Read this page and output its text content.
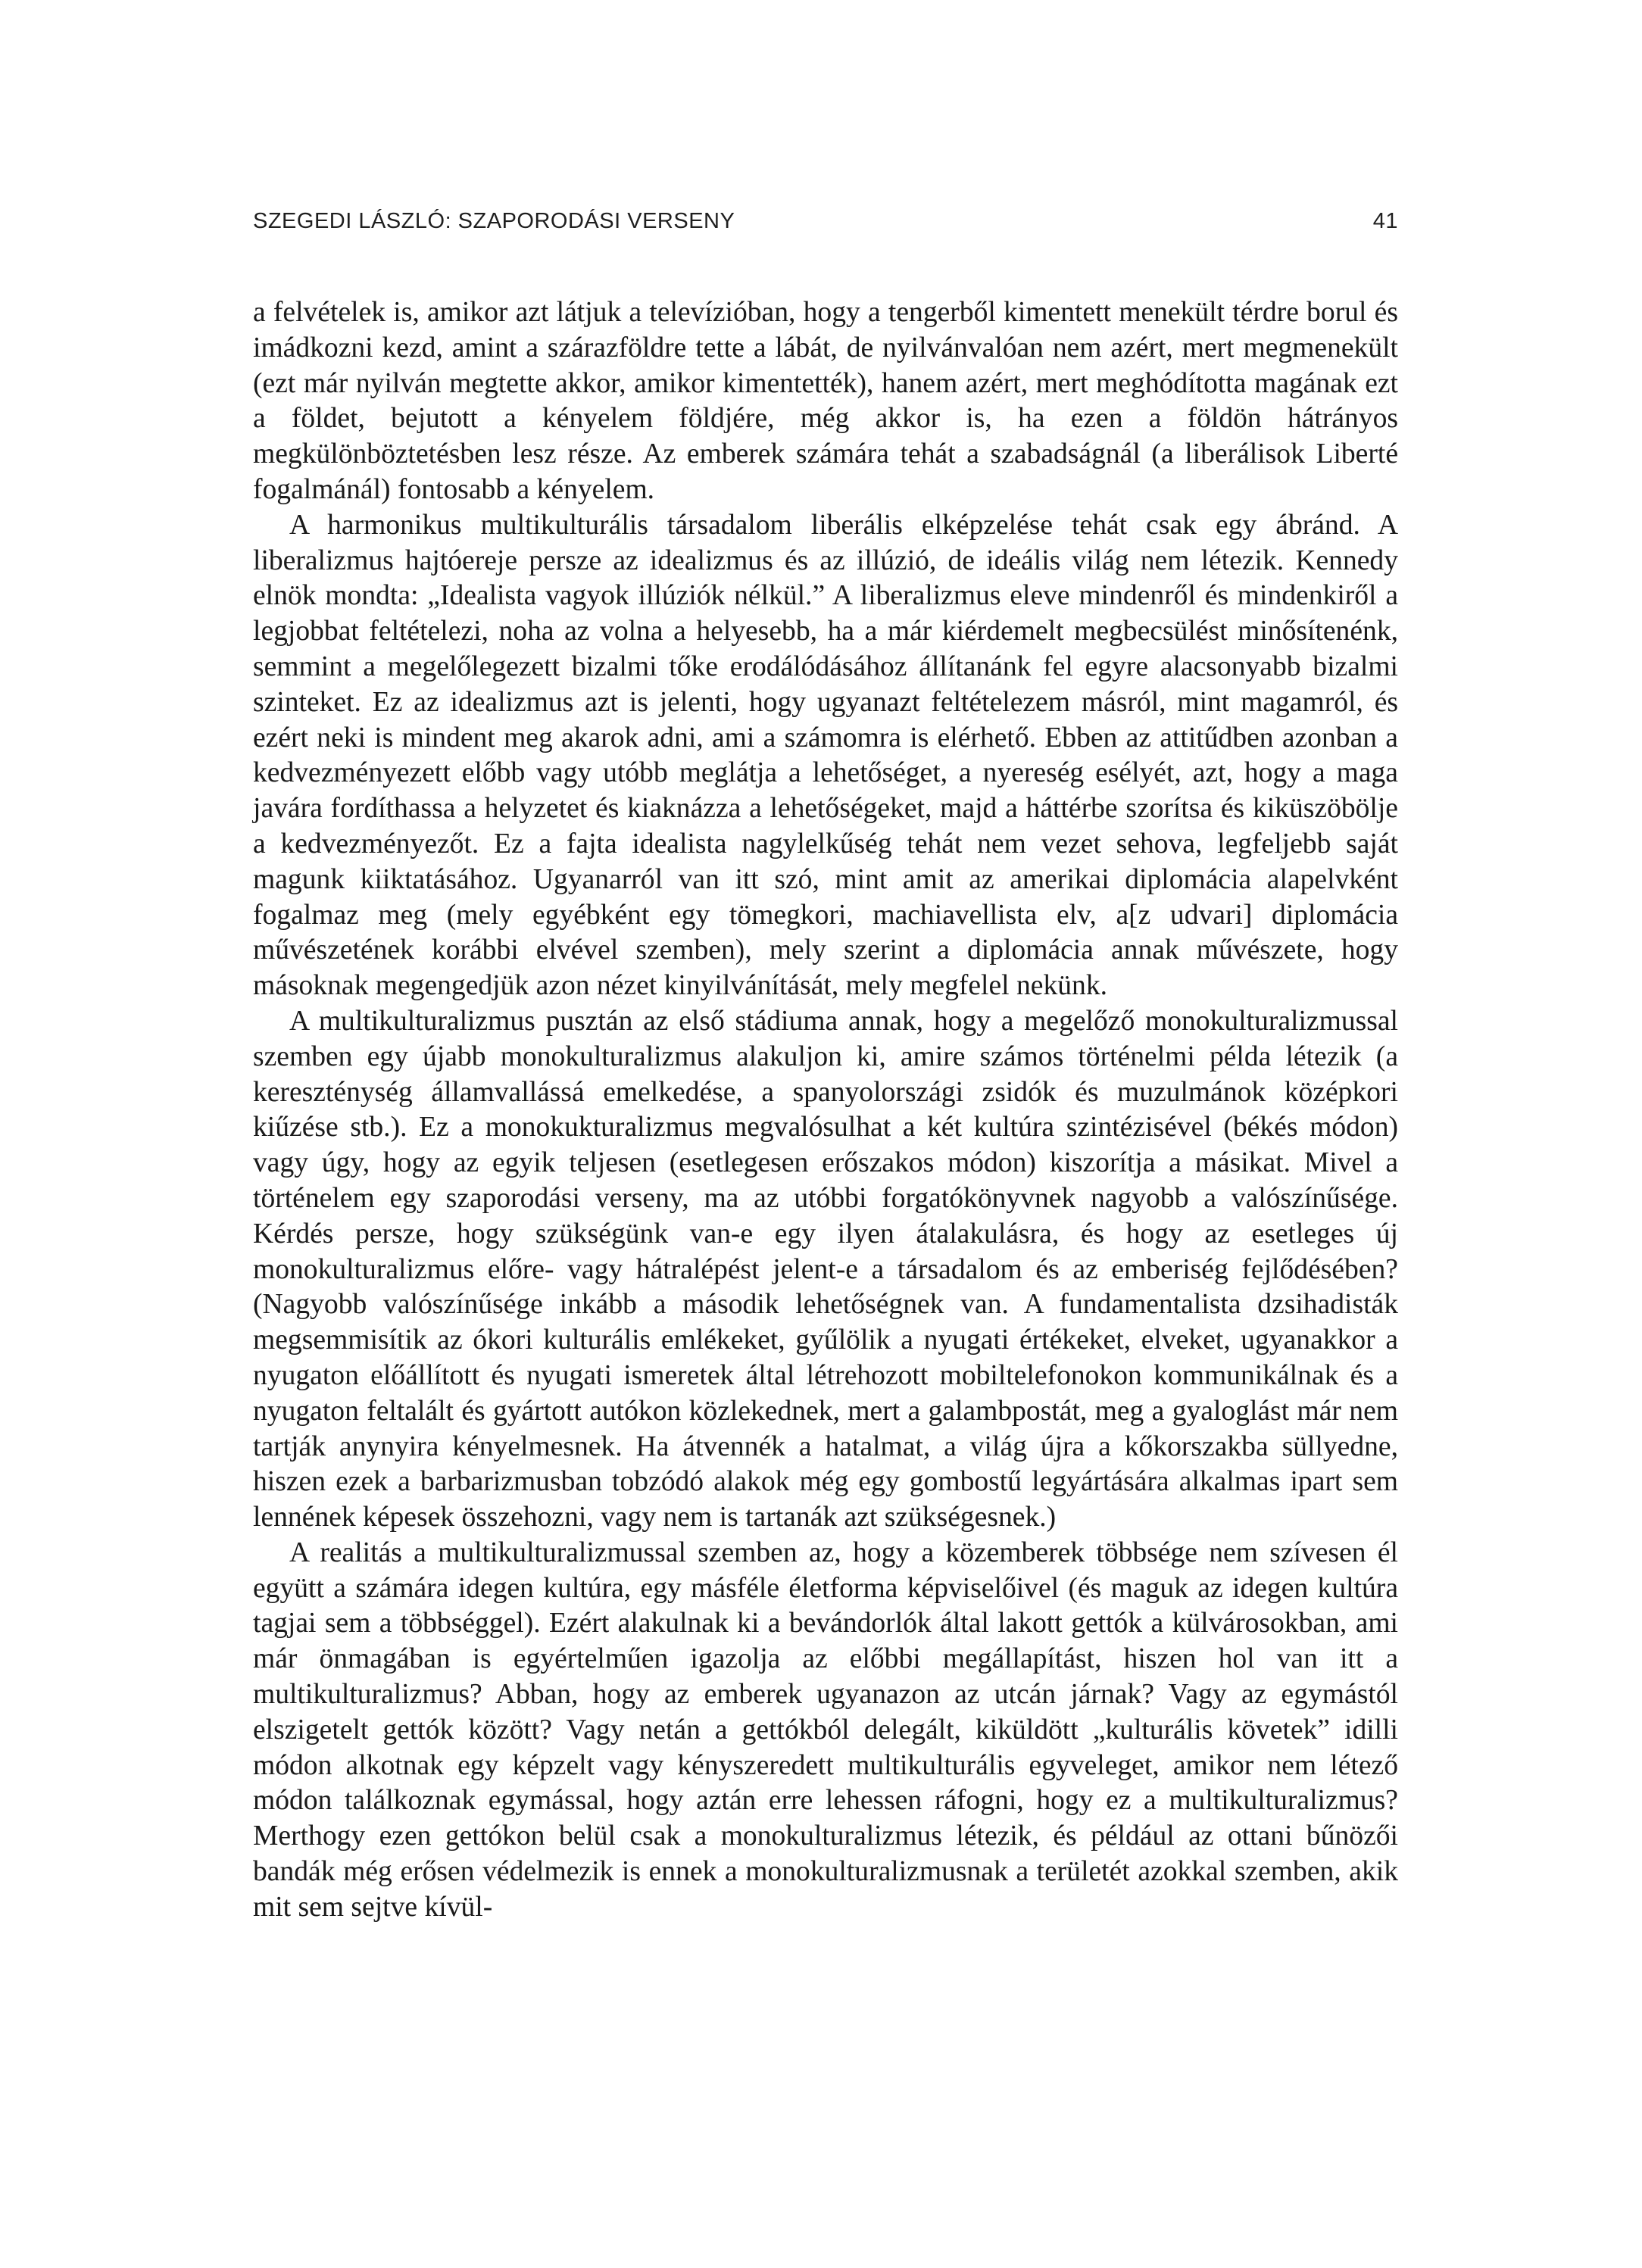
SZEGEDI LÁSZLÓ: SZAPORODÁSI VERSENY	41

a felvételek is, amikor azt látjuk a televízióban, hogy a tengerből kimentett menekült térdre borul és imádkozni kezd, amint a szárazföldre tette a lábát, de nyilvánvalóan nem azért, mert megmenekült (ezt már nyilván megtette akkor, amikor kimentették), hanem azért, mert meghódította magának ezt a földet, bejutott a kényelem földjére, még akkor is, ha ezen a földön hátrányos megkülönböztetésben lesz része. Az emberek számára tehát a szabadságnál (a liberálisok Liberté fogalmánál) fontosabb a kényelem.

A harmonikus multikulturális társadalom liberális elképzelése tehát csak egy ábránd. A liberalizmus hajtóereje persze az idealizmus és az illúzió, de ideális világ nem létezik. Kennedy elnök mondta: „Idealista vagyok illúziók nélkül.” A liberalizmus eleve mindenről és mindenkiről a legjobbat feltételezi, noha az volna a helyesebb, ha a már kiérdemelt megbecsülést minősítenénk, semmint a megelőlegezett bizalmi tőke erodálódásához állítanánk fel egyre alacsonyabb bizalmi szinteket. Ez az idealizmus azt is jelenti, hogy ugyanazt feltételezem másról, mint magamról, és ezért neki is mindent meg akarok adni, ami a számomra is elérhető. Ebben az attitűdben azonban a kedvezményezett előbb vagy utóbb meglátja a lehetőséget, a nyereség esélyét, azt, hogy a maga javára fordíthassa a helyzetet és kiaknázza a lehetőségeket, majd a háttérbe szorítsa és kiküszöbölje a kedvezményezőt. Ez a fajta idealista nagylelkűség tehát nem vezet sehova, legfeljebb saját magunk kiiktatásához. Ugyanarról van itt szó, mint amit az amerikai diplomácia alapelvként fogalmaz meg (mely egyébként egy tömegkori, machiavellista elv, a[z udvari] diplomácia művészetének korábbi elvével szemben), mely szerint a diplomácia annak művészete, hogy másoknak megengedjük azon nézet kinyilvánítását, mely megfelel nekünk.

A multikulturalizmus pusztán az első stádiuma annak, hogy a megelőző monokulturalizmussal szemben egy újabb monokulturalizmus alakuljon ki, amire számos történelmi példa létezik (a kereszténység államvallássá emelkedése, a spanyolországi zsidók és muzulmánok középkori kiűzése stb.). Ez a monokukturalizmus megvalósulhat a két kultúra szintézisével (békés módon) vagy úgy, hogy az egyik teljesen (esetlegesen erőszakos módon) kiszorítja a másikat. Mivel a történelem egy szaporodási verseny, ma az utóbbi forgatókönyvnek nagyobb a valószínűsége. Kérdés persze, hogy szükségünk van-e egy ilyen átalakulásra, és hogy az esetleges új monokulturalizmus előre- vagy hátralépést jelent-e a társadalom és az emberiség fejlődésében? (Nagyobb valószínűsége inkább a második lehetőségnek van. A fundamentalista dzsihadisták megsemmisítik az ókori kulturális emlékeket, gyűlölik a nyugati értékeket, elveket, ugyanakkor a nyugaton előállított és nyugati ismeretek által létrehozott mobiltelefonokon kommunikálnak és a nyugaton feltalált és gyártott autókon közlekednek, mert a galambpostát, meg a gyaloglást már nem tartják anynyira kényelmesnek. Ha átvennék a hatalmat, a világ újra a kőkorszakba süllyedne, hiszen ezek a barbarizmusban tobzódó alakok még egy gombostű legyártására alkalmas ipart sem lennének képesek összehozni, vagy nem is tartanák azt szükségesnek.)

A realitás a multikulturalizmussal szemben az, hogy a közemberek többsége nem szívesen él együtt a számára idegen kultúra, egy másféle életforma képviselőivel (és maguk az idegen kultúra tagjai sem a többséggel). Ezért alakulnak ki a bevándorlók által lakott gettók a külvárosokban, ami már önmagában is egyértelműen igazolja az előbbi megállapítást, hiszen hol van itt a multikulturalizmus? Abban, hogy az emberek ugyanazon az utcán járnak? Vagy az egymástól elszigetelt gettók között? Vagy netán a gettókból delegált, kiküldött „kulturális követek” idilli módon alkotnak egy képzelt vagy kényszeredett multikulturális egyveleget, amikor nem létező módon találkoznak egymással, hogy aztán erre lehessen ráfogni, hogy ez a multikulturalizmus? Merthogy ezen gettókon belül csak a monokulturalizmus létezik, és például az ottani bűnözői bandák még erősen védelmezik is ennek a monokulturalizmusnak a területét azokkal szemben, akik mit sem sejtve kívül-
